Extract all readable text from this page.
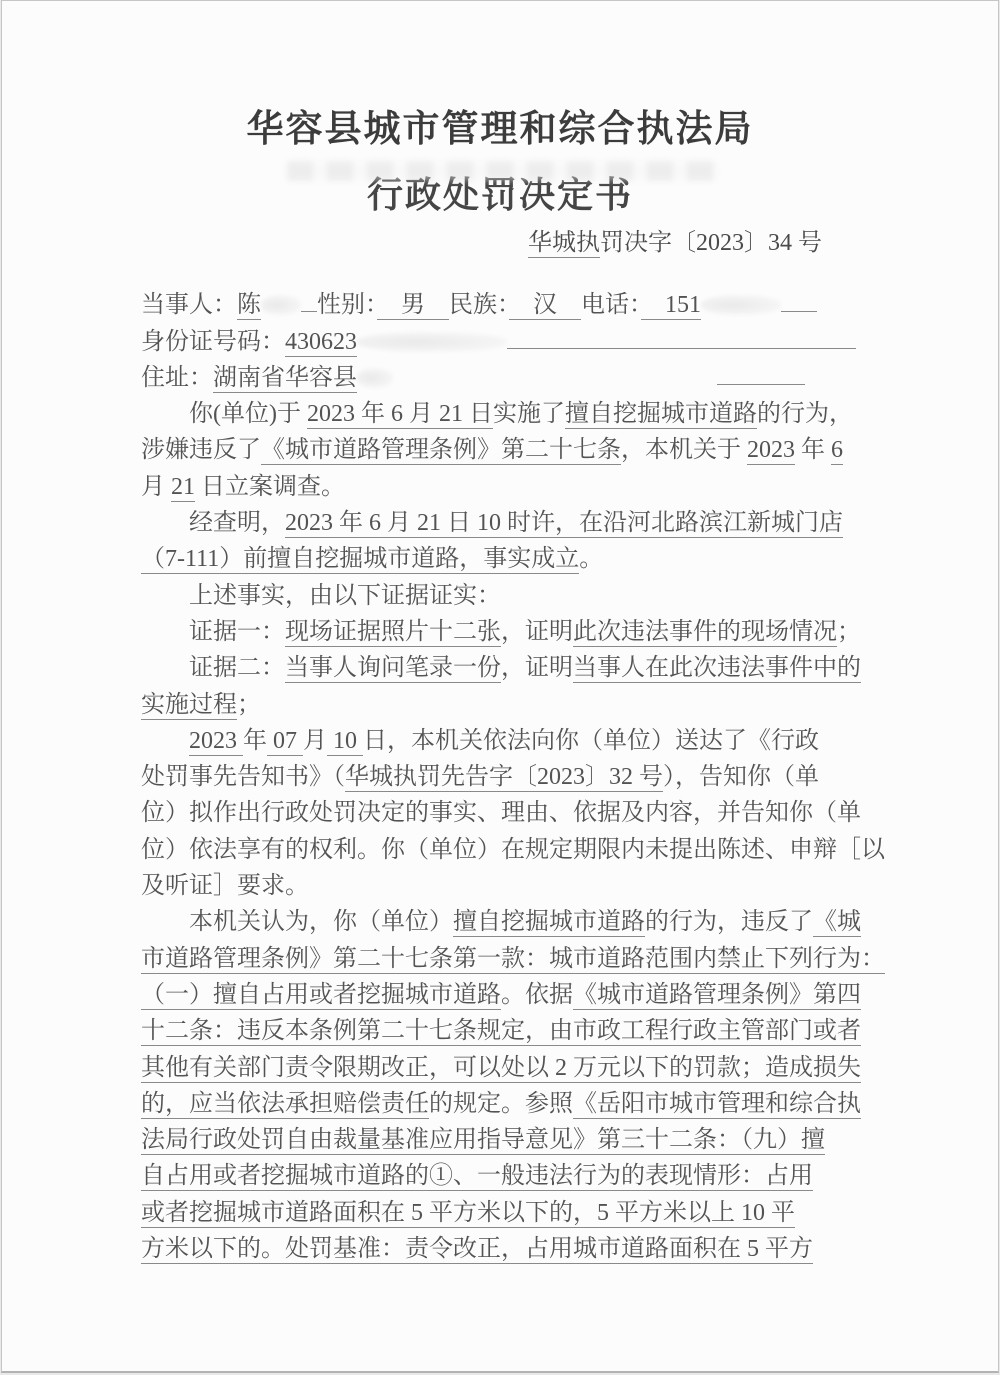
华容县城市管理和综合执法局
行政处罚决定书
华城执罚决字〔2023〕34 号
当事人：陈 性别：　男　民族：　汉　电话：　151
身份证号码：430623
住址：湖南省华容县
你(单位)于 2023 年 6 月 21 日实施了擅自挖掘城市道路的行为，
涉嫌违反了《城市道路管理条例》第二十七条，本机关于 2023 年 6
月 21 日立案调查。
经查明，2023 年 6 月 21 日 10 时许，在沿河北路滨江新城门店
（7-111）前擅自挖掘城市道路，事实成立。
上述事实，由以下证据证实：
证据一：现场证据照片十二张，证明此次违法事件的现场情况；
证据二：当事人询问笔录一份，证明当事人在此次违法事件中的
实施过程；
2023 年 07 月 10 日，本机关依法向你（单位）送达了《行政
处罚事先告知书》（华城执罚先告字〔2023〕32 号），告知你（单
位）拟作出行政处罚决定的事实、理由、依据及内容，并告知你（单
位）依法享有的权利。你（单位）在规定期限内未提出陈述、申辩［以
及听证］要求。
本机关认为，你（单位）擅自挖掘城市道路的行为，违反了《城
市道路管理条例》第二十七条第一款：城市道路范围内禁止下列行为：
（一）擅自占用或者挖掘城市道路。依据《城市道路管理条例》第四
十二条：违反本条例第二十七条规定，由市政工程行政主管部门或者
其他有关部门责令限期改正，可以处以 2 万元以下的罚款；造成损失
的，应当依法承担赔偿责任的规定。参照《岳阳市城市管理和综合执
法局行政处罚自由裁量基准应用指导意见》第三十二条：（九）擅
自占用或者挖掘城市道路的①、一般违法行为的表现情形：占用
或者挖掘城市道路面积在 5 平方米以下的，5 平方米以上 10 平
方米以下的。处罚基准：责令改正，占用城市道路面积在 5 平方
